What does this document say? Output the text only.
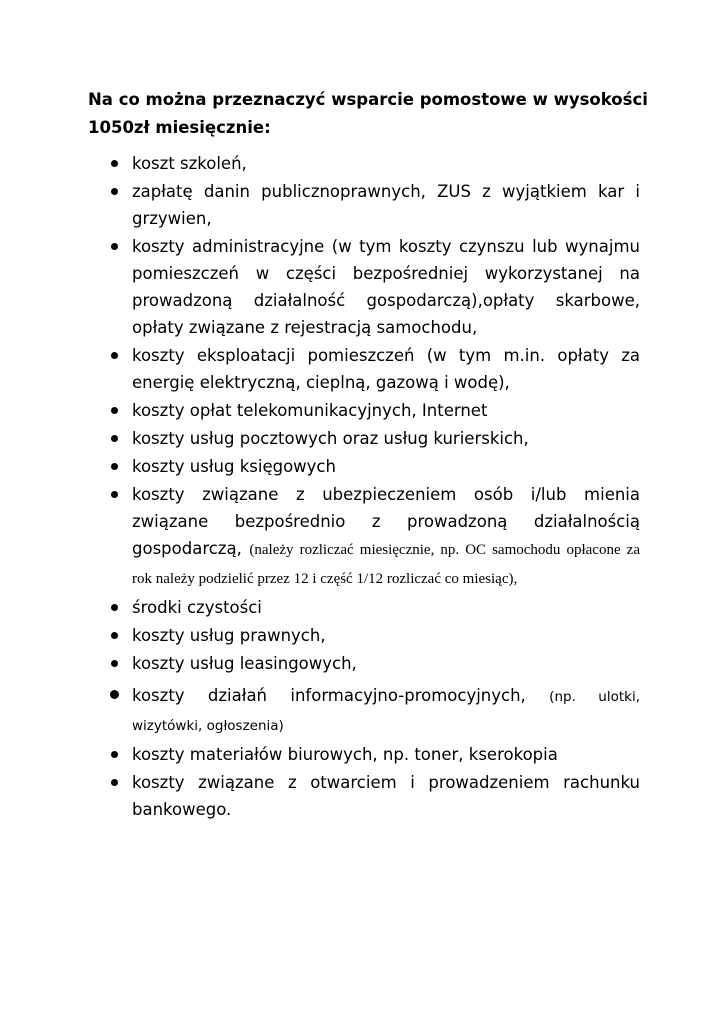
Na co można przeznaczyć wsparcie pomostowe w wysokości 1050zł miesięcznie:
koszt szkoleń,
zapłatę danin publicznoprawnych, ZUS z wyjątkiem kar i grzywien,
koszty administracyjne (w tym koszty czynszu lub wynajmu pomieszczeń w części bezpośredniej wykorzystanej na prowadzoną działalność gospodarczą),opłaty skarbowe, opłaty związane z rejestracją samochodu,
koszty eksploatacji pomieszczeń (w tym m.in. opłaty za energię elektryczną, cieplną, gazową i wodę),
koszty opłat telekomunikacyjnych, Internet
koszty usług pocztowych oraz usług kurierskich,
koszty usług księgowych
koszty związane z ubezpieczeniem osób i/lub mienia związane bezpośrednio z prowadzoną działalnością gospodarczą, (należy rozliczać miesięcznie, np. OC samochodu opłacone za rok należy podzielić przez 12 i część 1/12 rozliczać co miesiąc),
środki czystości
koszty usług prawnych,
koszty usług leasingowych,
koszty działań informacyjno-promocyjnych, (np. ulotki, wizytówki, ogłoszenia)
koszty materiałów biurowych, np. toner, kserokopia
koszty związane z otwarciem i prowadzeniem rachunku bankowego.
